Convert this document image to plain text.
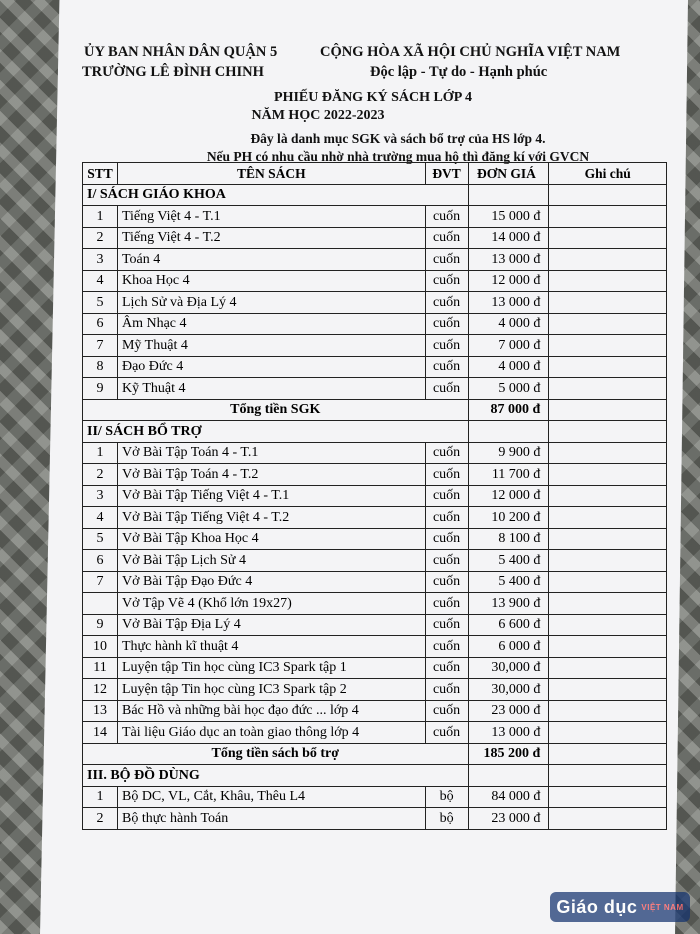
ỦY BAN NHÂN DÂN QUẬN 5
TRƯỜNG LÊ ĐÌNH CHINH
CỘNG HÒA XÃ HỘI CHỦ NGHĨA VIỆT NAM
Độc lập - Tự do - Hạnh phúc
PHIẾU ĐĂNG KÝ SÁCH LỚP 4
NĂM HỌC 2022-2023
Đây là danh mục SGK và sách bổ trợ của HS lớp 4.
Nếu PH có nhu cầu nhờ nhà trường mua hộ thì đăng kí với GVCN
STT	TÊN SÁCH	ĐVT	ĐƠN GIÁ	Ghi chú
I/ SÁCH GIÁO KHOA				
1	Tiếng Việt 4 - T.1	cuốn	15 000 đ	
2	Tiếng Việt 4 - T.2	cuốn	14 000 đ	
3	Toán 4	cuốn	13 000 đ	
4	Khoa Học 4	cuốn	12 000 đ	
5	Lịch Sử và Địa Lý 4	cuốn	13 000 đ	
6	Âm Nhạc 4	cuốn	4 000 đ	
7	Mỹ Thuật 4	cuốn	7 000 đ	
8	Đạo Đức 4	cuốn	4 000 đ	
9	Kỹ Thuật 4	cuốn	5 000 đ	
Tổng tiền SGK			87 000 đ	
II/ SÁCH BỔ TRỢ				
1	Vở Bài Tập Toán 4 - T.1	cuốn	9 900 đ	
2	Vở Bài Tập Toán 4 - T.2	cuốn	11 700 đ	
3	Vở Bài Tập Tiếng Việt 4 - T.1	cuốn	12 000 đ	
4	Vở Bài Tập Tiếng Việt 4 - T.2	cuốn	10 200 đ	
5	Vở Bài Tập Khoa Học 4	cuốn	8 100 đ	
6	Vở Bài Tập Lịch Sử 4	cuốn	5 400 đ	
7	Vở Bài Tập Đạo Đức 4	cuốn	5 400 đ	
	Vở Tập Vẽ 4 (Khổ lớn 19x27)	cuốn	13 900 đ	
9	Vở Bài Tập Địa Lý 4	cuốn	6 600 đ	
10	Thực hành kĩ thuật 4	cuốn	6 000 đ	
11	Luyện tập Tin học cùng IC3 Spark tập 1	cuốn	30,000 đ	
12	Luyện tập Tin học cùng IC3 Spark tập 2	cuốn	30,000 đ	
13	Bác Hồ và những bài học đạo đức ... lớp 4	cuốn	23 000 đ	
14	Tài liệu Giáo dục an toàn giao thông lớp 4	cuốn	13 000 đ	
Tổng tiền sách bổ trợ			185 200 đ	
III. BỘ ĐỒ DÙNG				
1	Bộ DC, VL, Cắt, Khâu, Thêu L4	bộ	84 000 đ	
2	Bộ thực hành Toán	bộ	23 000 đ	
Giáo dục VIỆT NAM
